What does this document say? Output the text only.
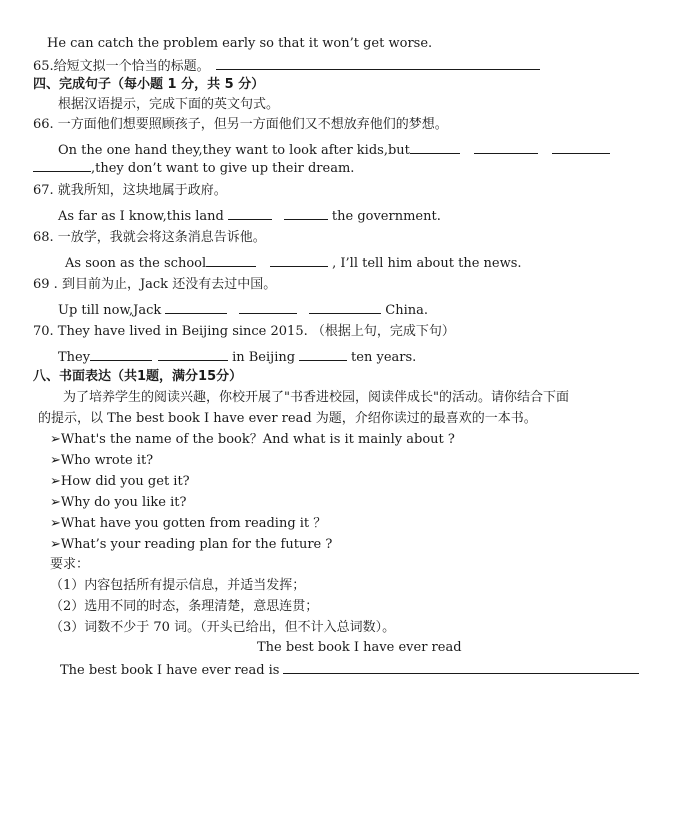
He can catch the problem early so that it won’t get worse.
65.给短文拟一个恰当的标题。
四、完成句子（每小题 1 分，共 5 分）
根据汉语提示，完成下面的英文句式。
66. 一方面他们想要照顾孩子，但另一方面他们又不想放弃他们的梦想。
On the one hand they,they want to look after kids,but
,they don’t want to give up their dream.
67. 就我所知，这块地属于政府。
As far as I know,this land	the government.
68. 一放学，我就会将这条消息告诉他。
As soon as the school	, I’ll tell him about the news.
69 . 到目前为止，Jack 还没有去过中国。
Up till now,Jack	China.
70. They have lived in Beijing since 2015. （根据上句，完成下句）
They	in Beijing	ten years.
八、书面表达（共1题，满分15分）
为了培养学生的阅读兴趣，你校开展了"书香进校园，阅读伴成长"的活动。请你结合下面
的提示，以 The best book I have ever read 为题，介绍你读过的最喜欢的一本书。
➢What's the name of the book？And what is it mainly about ?
➢Who wrote it?
➢How did you get it?
➢Why do you like it?
➢What have you gotten from reading it ？
➢What’s your reading plan for the future ?
要求：
（1）内容包括所有提示信息，并适当发挥；
（2）选用不同的时态，条理清楚，意思连贯；
（3）词数不少于 70 词。（开头已给出，但不计入总词数）。
The best book I have ever read
The best book I have ever read is
